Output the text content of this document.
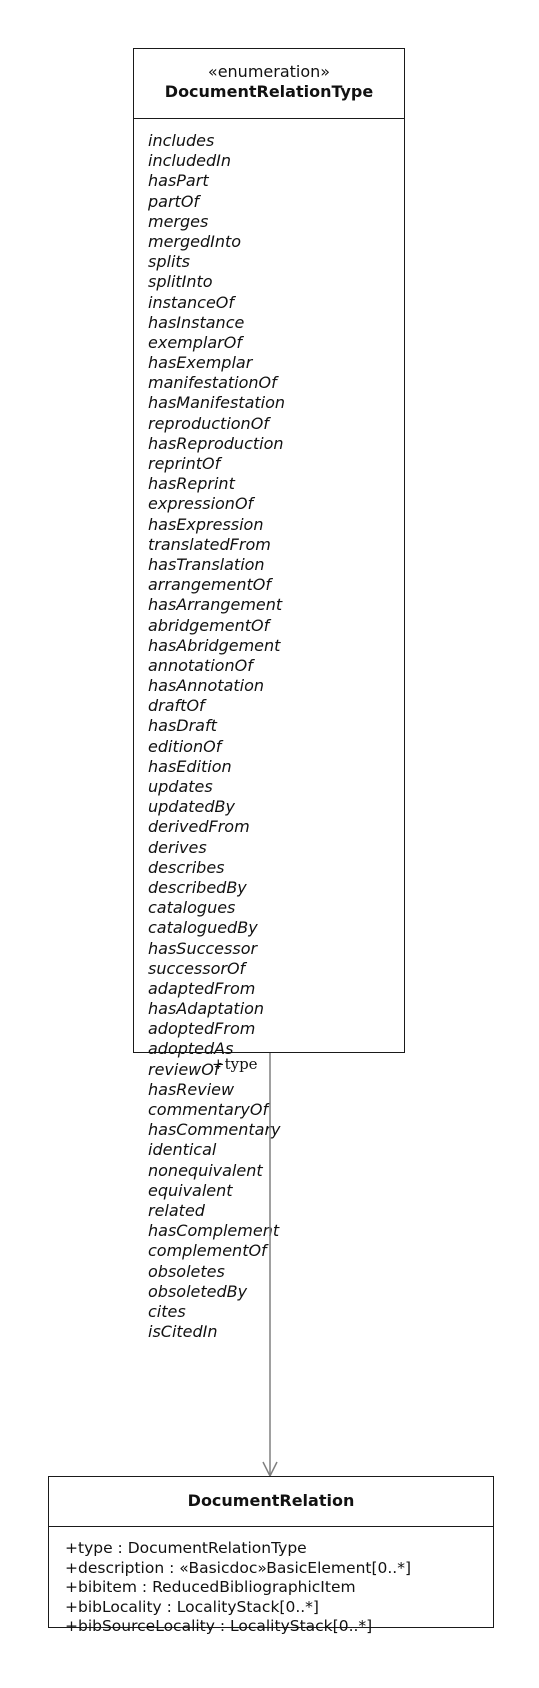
«enumeration»
DocumentRelationType
includes
includedIn
hasPart
partOf
merges
mergedInto
splits
splitInto
instanceOf
hasInstance
exemplarOf
hasExemplar
manifestationOf
hasManifestation
reproductionOf
hasReproduction
reprintOf
hasReprint
expressionOf
hasExpression
translatedFrom
hasTranslation
arrangementOf
hasArrangement
abridgementOf
hasAbridgement
annotationOf
hasAnnotation
draftOf
hasDraft
editionOf
hasEdition
updates
updatedBy
derivedFrom
derives
describes
describedBy
catalogues
cataloguedBy
hasSuccessor
successorOf
adaptedFrom
hasAdaptation
adoptedFrom
adoptedAs
reviewOf
hasReview
commentaryOf
hasCommentary
identical
nonequivalent
equivalent
related
hasComplement
complementOf
obsoletes
obsoletedBy
cites
isCitedIn
+type
DocumentRelation
+type : DocumentRelationType
+description : «Basicdoc»BasicElement[0..*]
+bibitem : ReducedBibliographicItem
+bibLocality : LocalityStack[0..*]
+bibSourceLocality : LocalityStack[0..*]
